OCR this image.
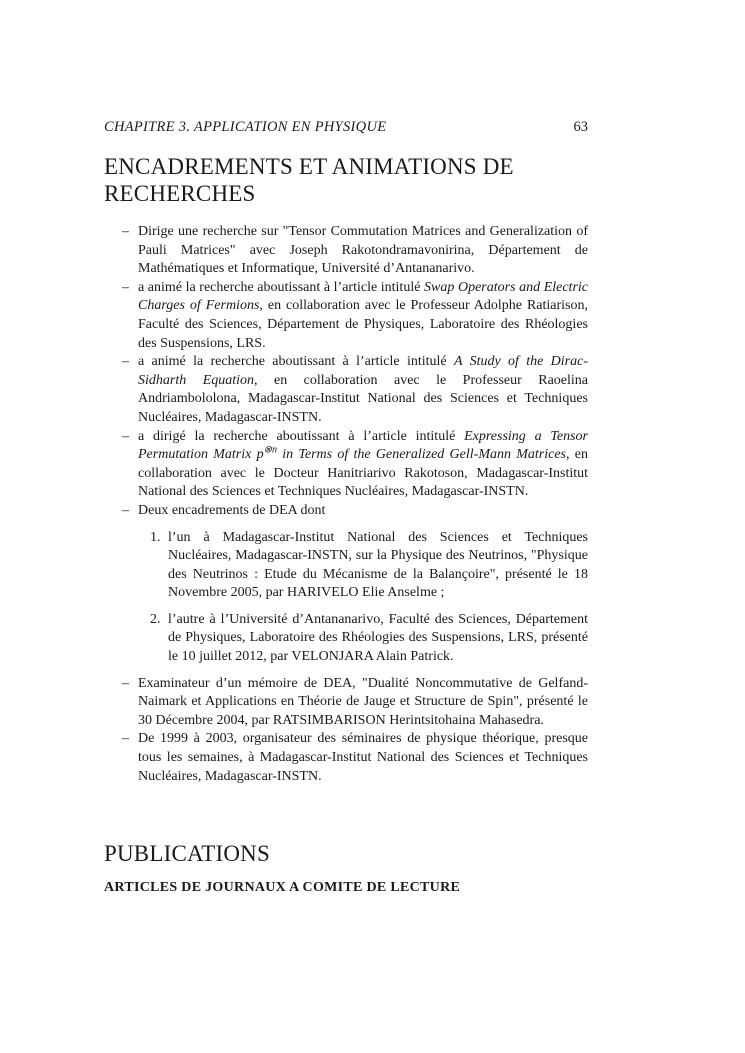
CHAPITRE 3. APPLICATION EN PHYSIQUE	63
ENCADREMENTS ET ANIMATIONS DE RECHERCHES
– Dirige une recherche sur "Tensor Commutation Matrices and Generalization of Pauli Matrices" avec Joseph Rakotondramavonirina, Département de Mathématiques et Informatique, Université d’Antananarivo.
– a animé la recherche aboutissant à l’article intitulé Swap Operators and Electric Charges of Fermions, en collaboration avec le Professeur Adolphe Ratiarison, Faculté des Sciences, Département de Physiques, Laboratoire des Rhéologies des Suspensions, LRS.
– a animé la recherche aboutissant à l’article intitulé A Study of the Dirac-Sidharth Equation, en collaboration avec le Professeur Raoelina Andriambololona, Madagascar-Institut National des Sciences et Techniques Nucléaires, Madagascar-INSTN.
– a dirigé la recherche aboutissant à l’article intitulé Expressing a Tensor Permutation Matrix $p^{\otimes n}$ in Terms of the Generalized Gell-Mann Matrices, en collaboration avec le Docteur Hanitriarivo Rakotoson, Madagascar-Institut National des Sciences et Techniques Nucléaires, Madagascar-INSTN.
– Deux encadrements de DEA dont
1. l’un à Madagascar-Institut National des Sciences et Techniques Nucléaires, Madagascar-INSTN, sur la Physique des Neutrinos, "Physique des Neutrinos : Etude du Mécanisme de la Balançoire", présenté le 18 Novembre 2005, par HARIVELO Elie Anselme ;
2. l’autre à l’Université d’Antananarivo, Faculté des Sciences, Département de Physiques, Laboratoire des Rhéologies des Suspensions, LRS, présenté le 10 juillet 2012, par VELONJARA Alain Patrick.
– Examinateur d’un mémoire de DEA, "Dualité Noncommutative de Gelfand-Naimark et Applications en Théorie de Jauge et Structure de Spin", présenté le 30 Décembre 2004, par RATSIMBARISON Herintsitohaina Mahasedra.
– De 1999 à 2003, organisateur des séminaires de physique théorique, presque tous les semaines, à Madagascar-Institut National des Sciences et Techniques Nucléaires, Madagascar-INSTN.
PUBLICATIONS
ARTICLES DE JOURNAUX A COMITE DE LECTURE
